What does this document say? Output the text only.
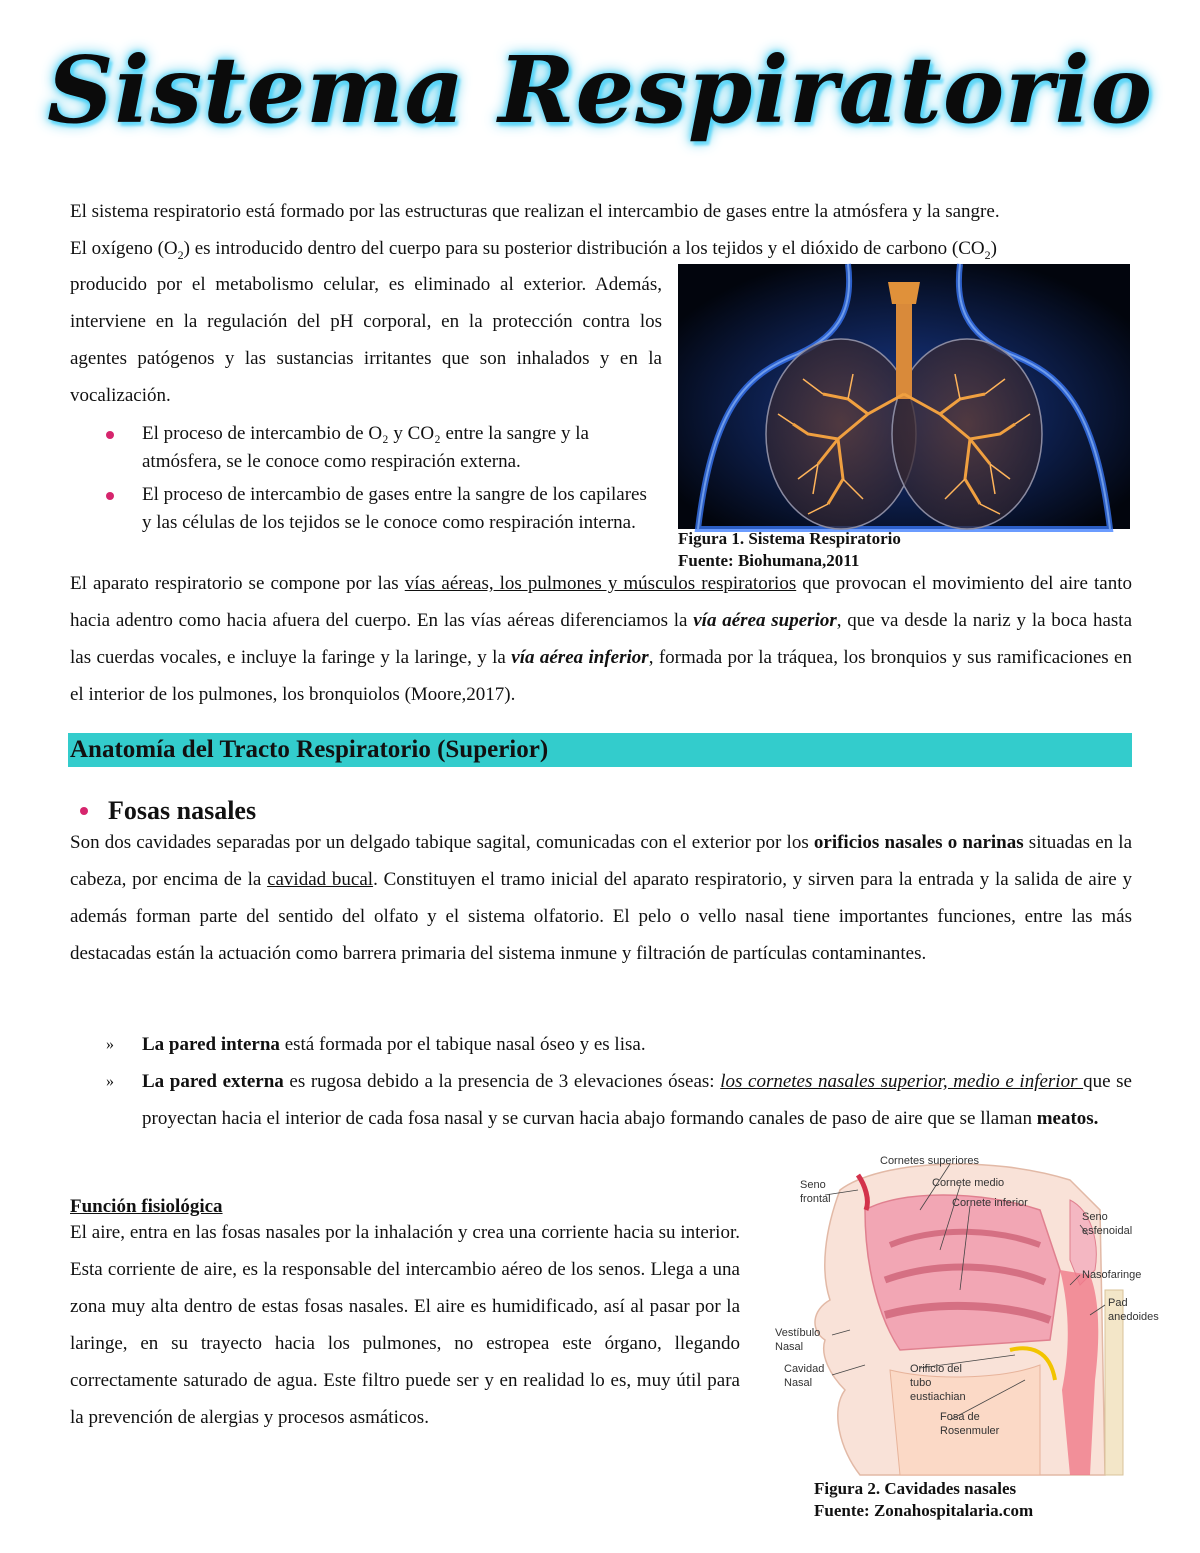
Sistema Respiratorio

El sistema respiratorio está formado por las estructuras que realizan el intercambio de gases entre la atmósfera y la sangre.
El oxígeno $(O_2)$ es introducido dentro del cuerpo para su posterior distribución a los tejidos y el dióxido de carbono $(CO_2)$

producido por el metabolismo celular, es eliminado al exterior. Además, interviene en la regulación del pH corporal, en la protección contra los agentes patógenos y las sustancias irritantes que son inhalados y en la vocalización.

El proceso de intercambio de O₂ y CO₂ entre la sangre y la atmósfera, se le conoce como respiración externa.
El proceso de intercambio de gases entre la sangre de los capilares y las células de los tejidos se le conoce como respiración interna.
Figura 1. Sistema Respiratorio
Fuente: Biohumana,2011

El aparato respiratorio se compone por las vías aéreas, los pulmones y músculos respiratorios que provocan el movimiento del aire tanto hacia adentro como hacia afuera del cuerpo. En las vías aéreas diferenciamos la vía aérea superior, que va desde la nariz y la boca hasta las cuerdas vocales, e incluye la faringe y la laringe, y la vía aérea inferior, formada por la tráquea, los bronquios y sus ramificaciones en el interior de los pulmones, los bronquiolos (Moore,2017).

Anatomía del Tracto Respiratorio (Superior)
Fosas nasales

Son dos cavidades separadas por un delgado tabique sagital, comunicadas con el exterior por los orificios nasales o narinas situadas en la cabeza, por encima de la cavidad bucal. Constituyen el tramo inicial del aparato respiratorio, y sirven para la entrada y la salida de aire y además forman parte del sentido del olfato y el sistema olfatorio. El pelo o vello nasal tiene importantes funciones, entre las más destacadas están la actuación como barrera primaria del sistema inmune y filtración de partículas contaminantes.

» La pared interna está formada por el tabique nasal óseo y es lisa.
» La pared externa es rugosa debido a la presencia de 3 elevaciones óseas: los cornetes nasales superior, medio e inferior que se proyectan hacia el interior de cada fosa nasal y se curvan hacia abajo formando canales de paso de aire que se llaman meatos.
Función fisiológica

El aire, entra en las fosas nasales por la inhalación y crea una corriente hacia su interior. Esta corriente de aire, es la responsable del intercambio aéreo de los senos. Llega a una zona muy alta dentro de estas fosas nasales. El aire es humidificado, así al pasar por la laringe, en su trayecto hacia los pulmones, no estropea este órgano, llegando correctamente saturado de agua. Este filtro puede ser y en realidad lo es, muy útil para la prevención de alergias y procesos asmáticos.

Cornetes superiores
Cornete medio
Cornete inferior
Seno
frontal
Seno
esfenoidal
Nasofaringe
Pad
anedoides
Vestíbulo
Nasal
Cavidad
Nasal
Orificio del
tubo
eustiachian
Fosa de
Rosenmuler
Figura 2. Cavidades nasales
Fuente: Zonahospitalaria.com
